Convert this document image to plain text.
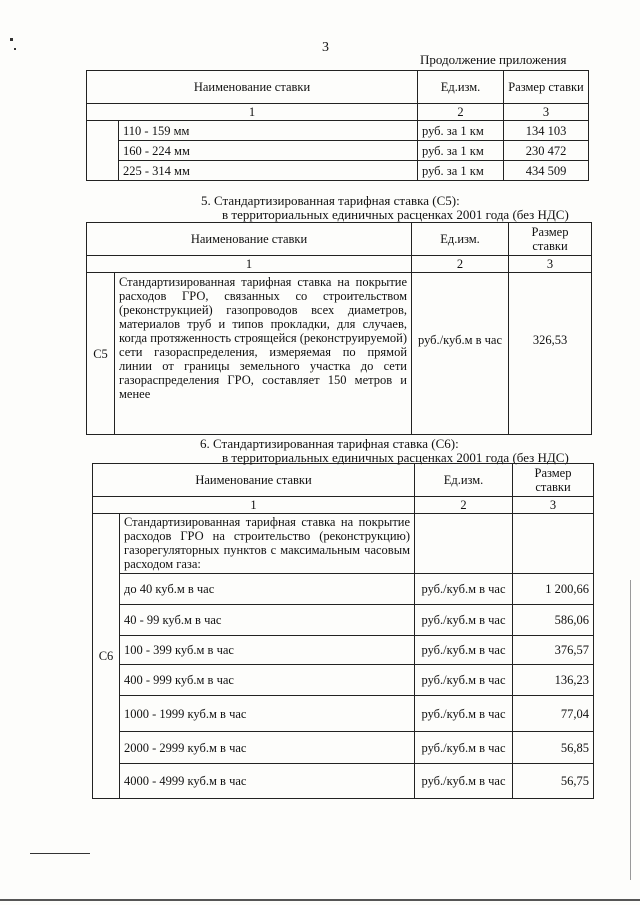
3
Продолжение приложения
Наименование ставки		Ед.изм.	Размер ставки
1		2	3
	110 - 159 мм	руб. за 1 км	134 103
	160 - 224 мм	руб. за 1 км	230 472
	225 - 314 мм	руб. за 1 км	434 509
5. Стандартизированная тарифная ставка (С5):
в территориальных единичных расценках 2001 года (без НДС)
Наименование ставки		Ед.изм.	Размер ставки
1		2	3
С5	Стандартизированная тарифная ставка на покрытие расходов ГРО, связанных со строительством (реконструкцией) газопроводов всех диаметров, материалов труб и типов прокладки, для случаев, когда протяженность строящейся (реконструируемой) сети газораспределения, измеряемая по прямой линии от границы земельного участка до сети газораспределения ГРО, составляет 150 метров и менее	руб./куб.м в час	326,53
6. Стандартизированная тарифная ставка (С6):
в территориальных единичных расценках 2001 года (без НДС)
Наименование ставки		Ед.изм.	Размер ставки
1		2	3
С6	Стандартизированная тарифная ставка на покрытие расходов ГРО на строительство (реконструкцию) газорегуляторных пунктов с максимальным часовым расходом газа:		
	до 40 куб.м в час	руб./куб.м в час	1 200,66
	40 - 99 куб.м в час	руб./куб.м в час	586,06
	100 - 399 куб.м в час	руб./куб.м в час	376,57
	400 - 999 куб.м в час	руб./куб.м в час	136,23
	1000 - 1999 куб.м в час	руб./куб.м в час	77,04
	2000 - 2999 куб.м в час	руб./куб.м в час	56,85
	4000 - 4999 куб.м в час	руб./куб.м в час	56,75
